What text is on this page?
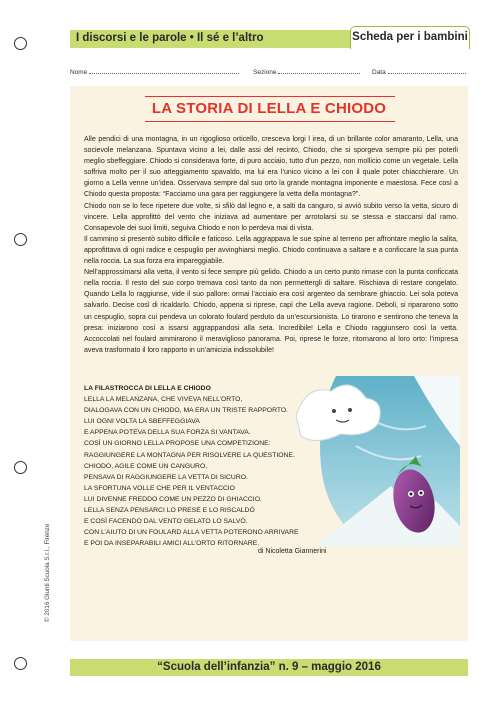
I discorsi e le parole • Il sé e l’altro	Scheda per i bambini
Nome	Sezione	Data
LA STORIA DI LELLA E CHIODO

Alle pendici di una montagna, in un rigoglioso orticello, cresceva lorgi l irea, di un brillante color amaranto, Lella, una socievole melanzana. Spuntava vicino a lei, dalle assi del recinto, Chiodo, che si sporgeva sempre più per poterli meglio sbeffeggiare. Chiodo si considerava forte, di puro acciaio, tutto d’un pezzo, non mollicio come un vegetale. Lella soffriva molto per il suo atteggiamento spavaldo, ma lui era l’unico vicino a lei con il quale poter chiacchierare. Un giorno a Lella venne un’idea. Osservava sempre dal suo orto la grande montagna imponente e maestosa. Fece così a Chiodo questa proposta: “Facciamo una gara per raggiungere la vetta della montagna?”.

Chiodo non se lo fece ripetere due volte, si sfilò dal legno e, a salti da canguro, si avviò subito verso la vetta, sicuro di vincere. Lella approfittò del vento che iniziava ad aumentare per arrotolarsi su se stessa e staccarsi dal ramo. Consapevole dei suoi limiti, seguiva Chiodo e non lo perdeva mai di vista.

Il cammino si presentò subito difficile e faticoso. Lella aggrappava le sue spine al terreno per affrontare meglio la salita, approfittava di ogni radice e cespuglio per avvinghiarsi meglio. Chiodo continuava a saltare e a conficcare la sua punta nella roccia. La sua forza era impareggiabile.

Nell’approssimarsi alla vetta, il vento si fece sempre più gelido. Chiodo a un certo punto rimase con la punta conficcata nella roccia. Il resto del suo corpo tremava così tanto da non permettergli di saltare. Rischiava di restare congelato. Quando Lella lo raggiunse, vide il suo pallore: ormai l’acciaio era così argenteo da sembrare ghiaccio. Lei sola poteva salvarlo. Decise così di ricaldarlo. Chiodo, appena si riprese, capì che Lella aveva ragione. Deboli, si ripararono sotto un cespuglio, sopra cui pendeva un colorato foulard perduto da un’escursionista. Lo tirarono e sentirono che teneva la presa: iniziarono così a issarsi aggrappandosi alla seta. Incredibile! Lella e Chiodo raggiunsero così la vetta. Accoccolati nel foulard ammirarono il meraviglioso panorama. Poi, riprese le forze, ritornarono al loro orto: l’impresa aveva trasformato il loro rapporto in un’amicizia indissolubile!

LA FILASTROCCA DI LELLA E CHIODO
LELLA LA MELANZANA, CHE VIVEVA NELL’ORTO,
DIALOGAVA CON UN CHIODO, MA ERA UN TRISTE RAPPORTO.
LUI OGNI VOLTA LA SBEFFEGGIAVA
E APPENA POTEVA DELLA SUA FORZA SI VANTAVA.
COSÌ UN GIORNO LELLA PROPOSE UNA COMPETIZIONE:
RAGGIUNGERE LA MONTAGNA PER RISOLVERE LA QUESTIONE.
CHIODO, AGILE COME UN CANGURO,
PENSAVA DI RAGGIUNGERE LA VETTA DI SICURO.
LA SFORTUNA VOLLE CHE PER IL VENTACCIO
LUI DIVENNE FREDDO COME UN PEZZO DI GHIACCIO.
LELLA SENZA PENSARCI LO PRESE E LO RISCALDÒ
E COSÌ FACENDO DAL VENTO GELATO LO SALVÒ.
CON L’AIUTO DI UN FOULARD ALLA VETTA POTERONO ARRIVARE
E POI DA INSEPARABILI AMICI ALL’ORTO RITORNARE.
di Nicoletta Giannerini
© 2016 Giunti Scuola S.r.l., Firenze
“Scuola dell’infanzia” n. 9 – maggio 2016
